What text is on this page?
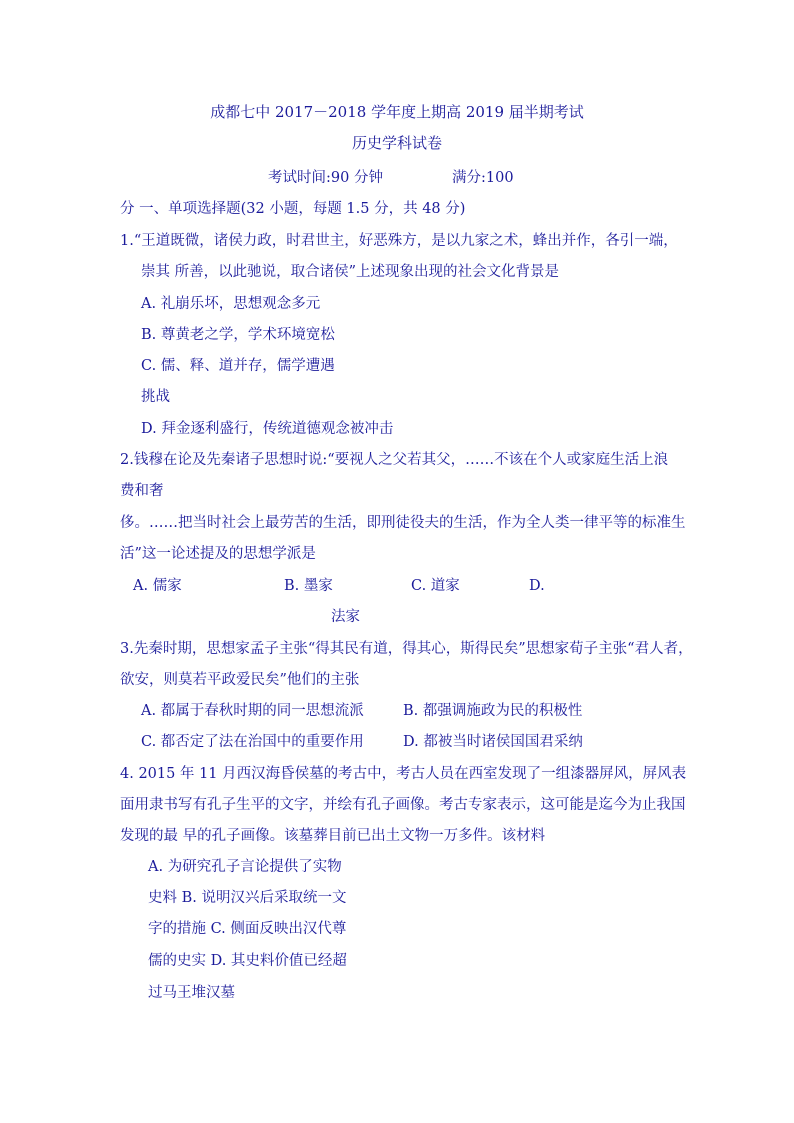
成都七中 2017－2018 学年度上期高 2019 届半期考试
历史学科试卷
考试时间:90 分钟	满分:100
分 一、单项选择题(32 小题，每题 1.5 分，共 48 分)
1.“王道既微，诸侯力政，时君世主，好恶殊方，是以九家之术，蜂出并作，各引一端，
崇其 所善，以此驰说，取合诸侯”上述现象出现的社会文化背景是
A. 礼崩乐坏，思想观念多元
B. 尊黄老之学，学术环境宽松
C. 儒、释、道并存，儒学遭遇
挑战
D. 拜金逐利盛行，传统道德观念被冲击
2.钱穆在论及先秦诸子思想时说:“要视人之父若其父，……不该在个人或家庭生活上浪
费和奢
侈。……把当时社会上最劳苦的生活，即刑徒役夫的生活，作为全人类一律平等的标准生
活”这一论述提及的思想学派是
A. 儒家	B. 墨家	C. 道家	D.
法家
3.先秦时期，思想家孟子主张“得其民有道，得其心，斯得民矣”思想家荀子主张“君人者，
欲安，则莫若平政爱民矣”他们的主张
A. 都属于春秋时期的同一思想流派	B. 都强调施政为民的积极性
C. 都否定了法在治国中的重要作用	D. 都被当时诸侯国国君采纳
4. 2015 年 11 月西汉海昏侯墓的考古中，考古人员在西室发现了一组漆器屏风，屏风表
面用隶书写有孔子生平的文字，并绘有孔子画像。考古专家表示，这可能是迄今为止我国
发现的最 早的孔子画像。该墓葬目前已出土文物一万多件。该材料
A. 为研究孔子言论提供了实物
史料 B. 说明汉兴后采取统一文
字的措施 C. 侧面反映出汉代尊
儒的史实 D. 其史料价值已经超
过马王堆汉墓
